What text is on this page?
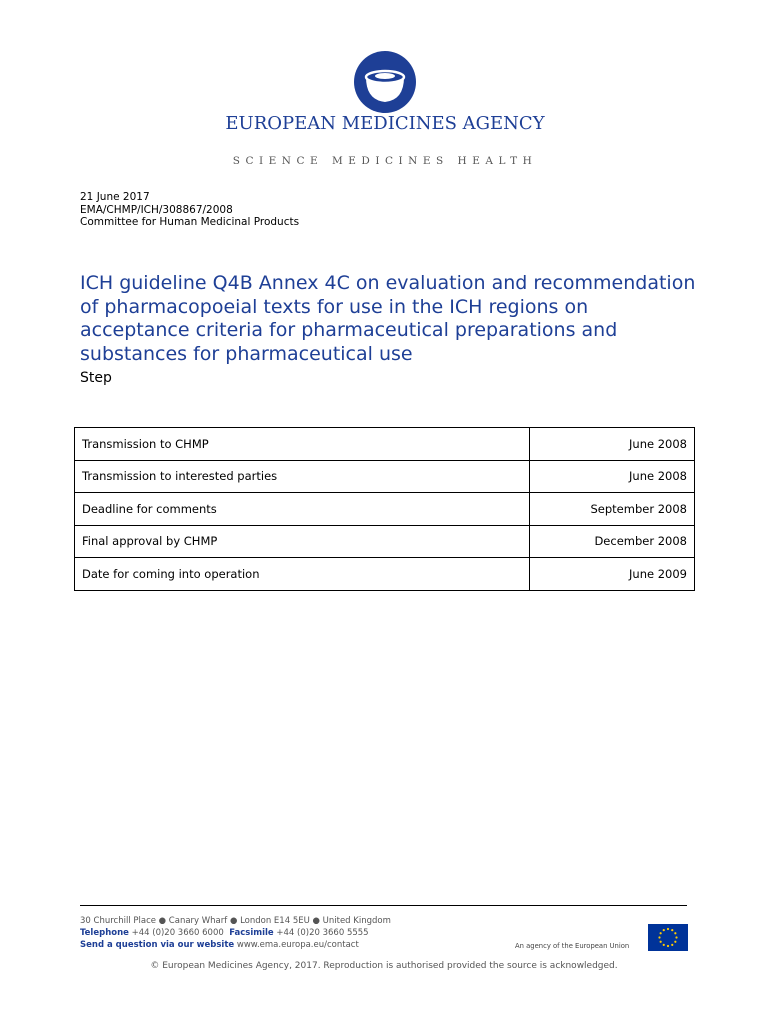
EUROPEAN MEDICINES AGENCY
SCIENCE MEDICINES HEALTH
21 June 2017
EMA/CHMP/ICH/308867/2008
Committee for Human Medicinal Products
ICH guideline Q4B Annex 4C on evaluation and recommendation of pharmacopoeial texts for use in the ICH regions on acceptance criteria for pharmaceutical preparations and substances for pharmaceutical use
Step
Transmission to CHMP	June 2008
Transmission to interested parties	June 2008
Deadline for comments	September 2008
Final approval by CHMP	December 2008
Date for coming into operation	June 2009
30 Churchill Place ● Canary Wharf ● London E14 5EU ● United Kingdom
Telephone +44 (0)20 3660 6000 Facsimile +44 (0)20 3660 5555
Send a question via our website www.ema.europa.eu/contact	An agency of the European Union
© European Medicines Agency, 2017. Reproduction is authorised provided the source is acknowledged.
